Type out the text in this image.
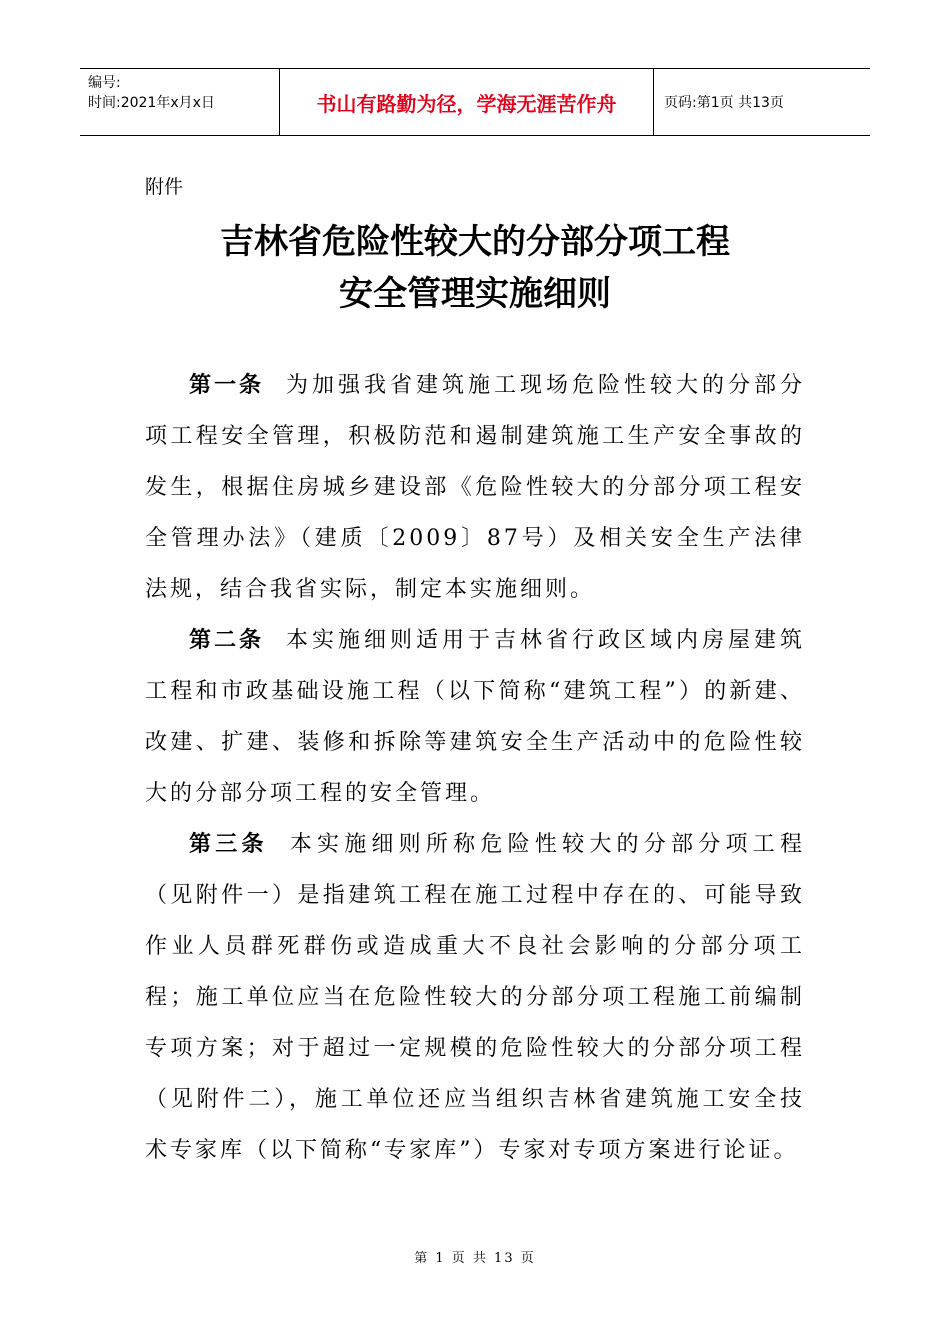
编号:
时间:2021年x月x日	书山有路勤为径，学海无涯苦作舟	页码:第1页 共13页
附件
吉林省危险性较大的分部分项工程
安全管理实施细则

第一条 为加强我省建筑施工现场危险性较大的分部分项工程安全管理，积极防范和遏制建筑施工生产安全事故的发生，根据住房城乡建设部《危险性较大的分部分项工程安全管理办法》（建质〔2009〕87号）及相关安全生产法律法规，结合我省实际，制定本实施细则。

第二条 本实施细则适用于吉林省行政区域内房屋建筑工程和市政基础设施工程（以下简称“建筑工程”）的新建、改建、扩建、装修和拆除等建筑安全生产活动中的危险性较大的分部分项工程的安全管理。

第三条 本实施细则所称危险性较大的分部分项工程（见附件一）是指建筑工程在施工过程中存在的、可能导致作业人员群死群伤或造成重大不良社会影响的分部分项工程；施工单位应当在危险性较大的分部分项工程施工前编制专项方案；对于超过一定规模的危险性较大的分部分项工程（见附件二），施工单位还应当组织吉林省建筑施工安全技术专家库（以下简称“专家库”）专家对专项方案进行论证。

第 1 页 共 13 页
